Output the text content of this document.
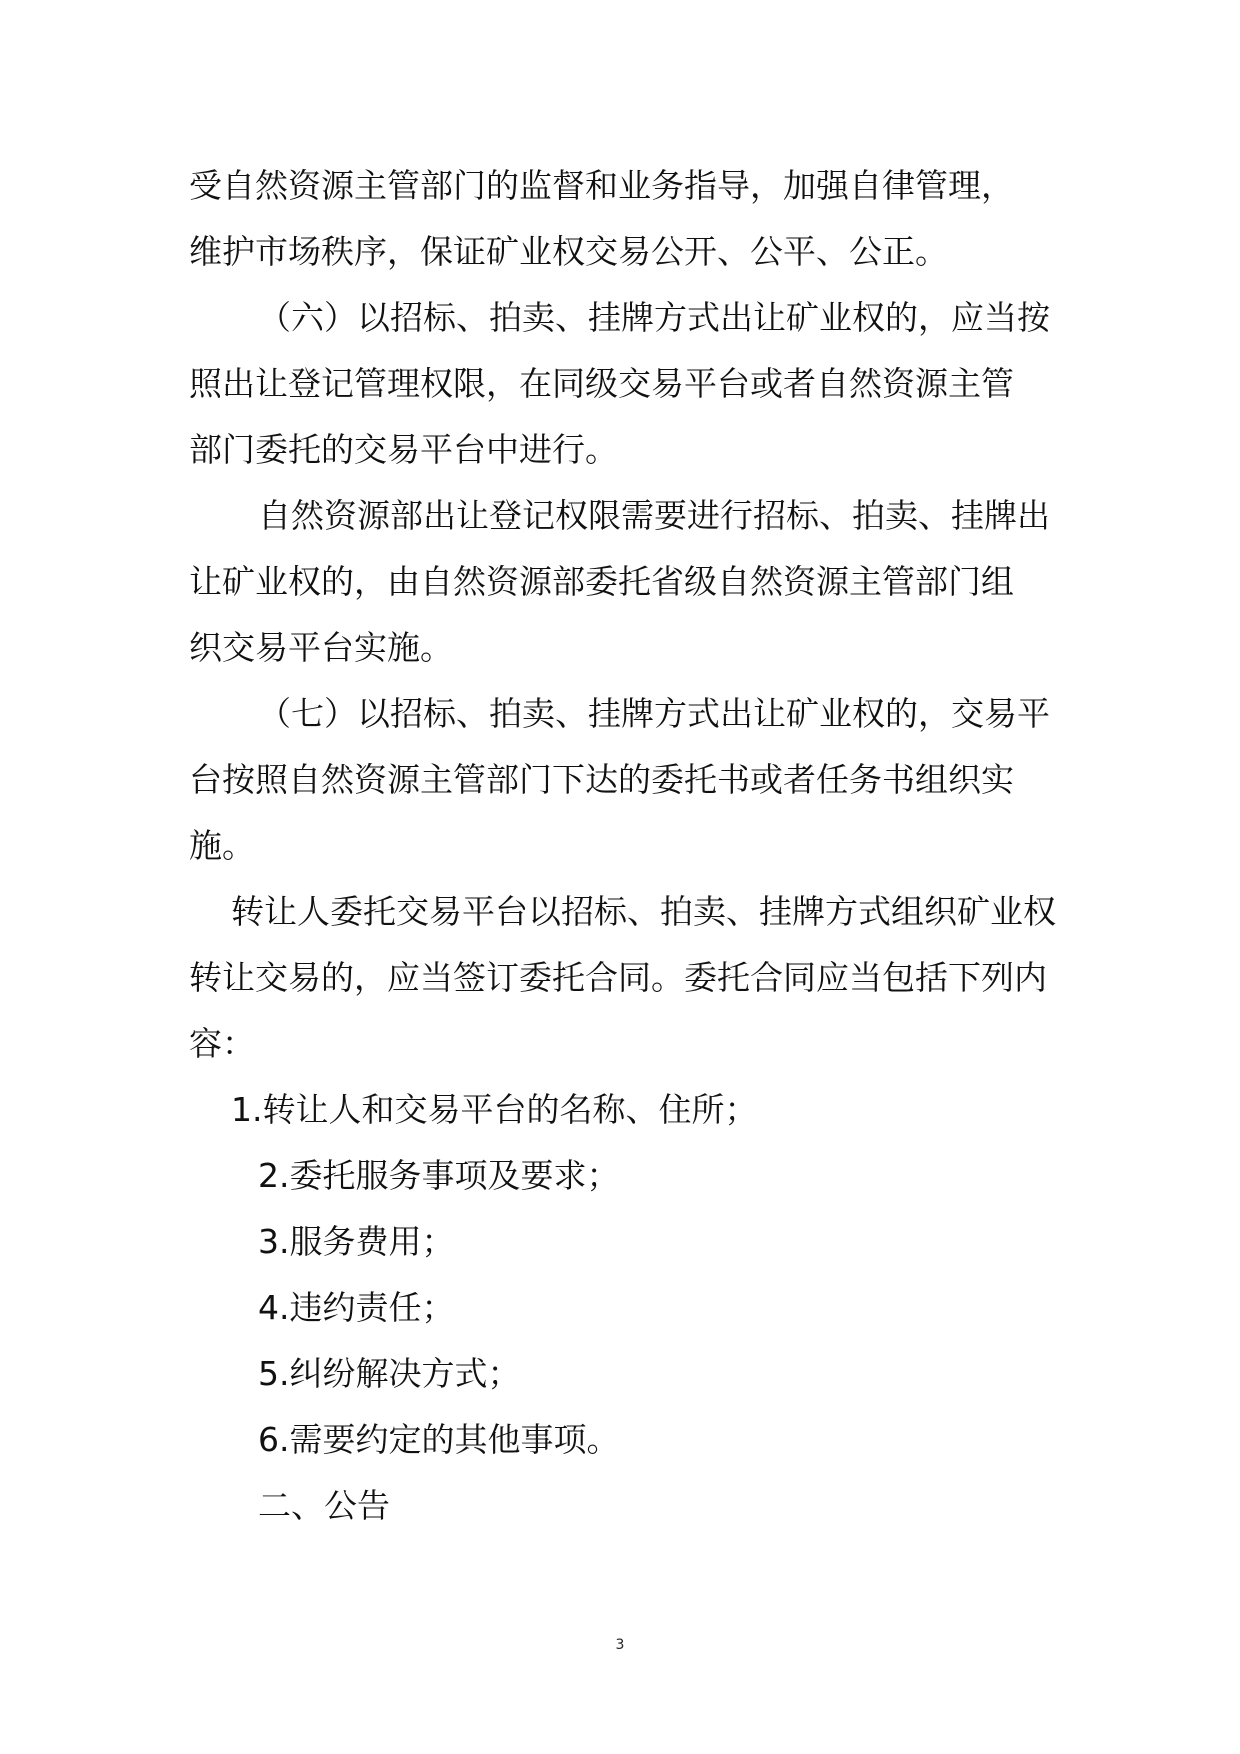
受自然资源主管部门的监督和业务指导，加强自律管理，
维护市场秩序，保证矿业权交易公开、公平、公正。
（六）以招标、拍卖、挂牌方式出让矿业权的，应当按
照出让登记管理权限，在同级交易平台或者自然资源主管
部门委托的交易平台中进行。
自然资源部出让登记权限需要进行招标、拍卖、挂牌出
让矿业权的，由自然资源部委托省级自然资源主管部门组
织交易平台实施。
（七）以招标、拍卖、挂牌方式出让矿业权的，交易平
台按照自然资源主管部门下达的委托书或者任务书组织实
施。
转让人委托交易平台以招标、拍卖、挂牌方式组织矿业权
转让交易的，应当签订委托合同。委托合同应当包括下列内
容：
1.转让人和交易平台的名称、住所；
2.委托服务事项及要求；
3.服务费用；
4.违约责任；
5.纠纷解决方式；
6.需要约定的其他事项。
二、公告
3
